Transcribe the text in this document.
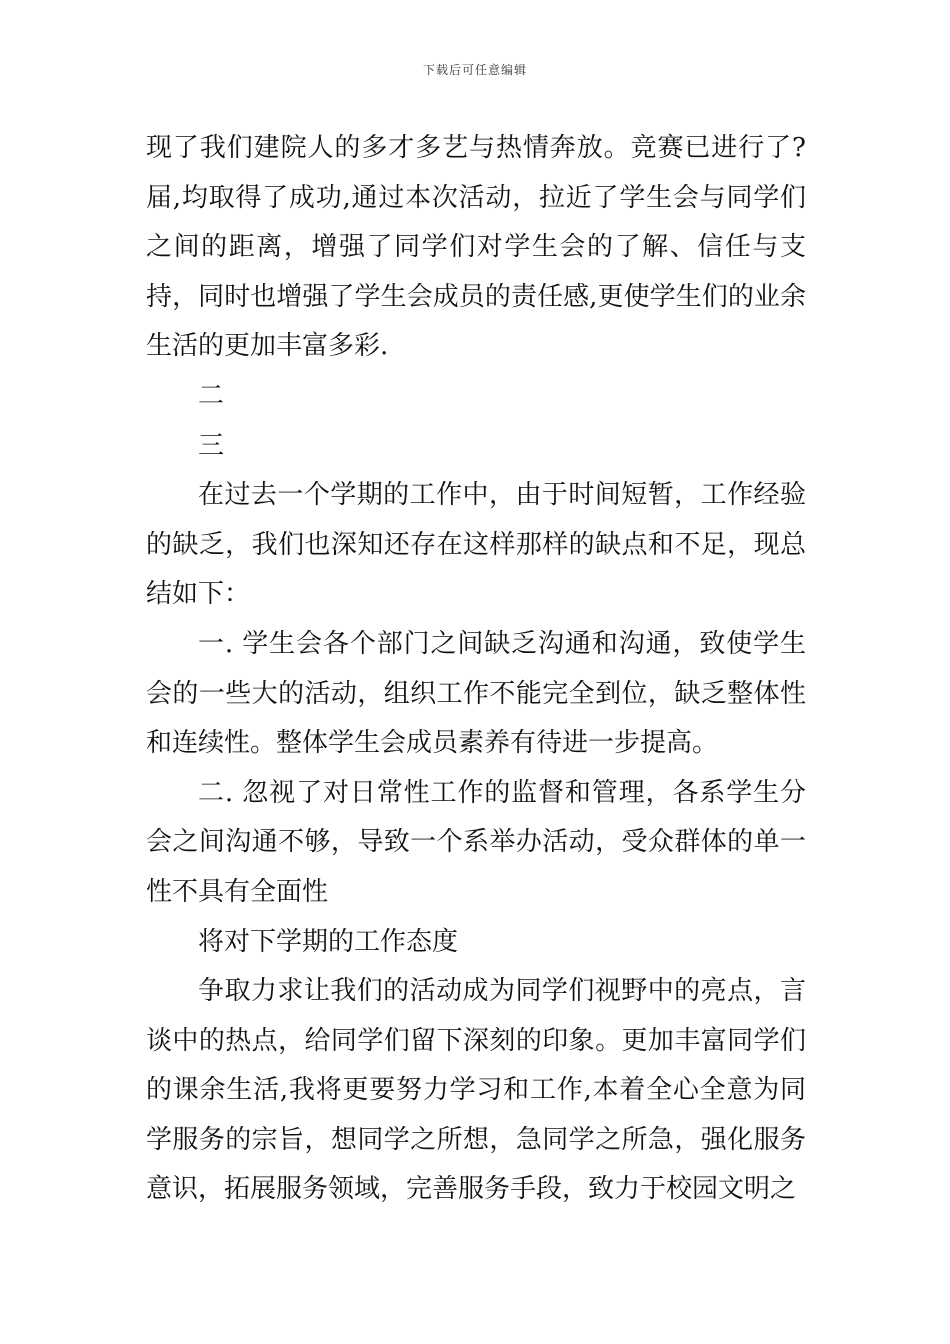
下载后可任意编辑

现了我们建院人的多才多艺与热情奔放。竞赛已进行了?届,均取得了成功,通过本次活动，拉近了学生会与同学们之间的距离，增强了同学们对学生会的了解、信任与支持，同时也增强了学生会成员的责任感,更使学生们的业余生活的更加丰富多彩.

二

三

在过去一个学期的工作中，由于时间短暂，工作经验的缺乏，我们也深知还存在这样那样的缺点和不足，现总结如下：

一. 学生会各个部门之间缺乏沟通和沟通，致使学生会的一些大的活动，组织工作不能完全到位，缺乏整体性和连续性。整体学生会成员素养有待进一步提高。

二. 忽视了对日常性工作的监督和管理，各系学生分会之间沟通不够，导致一个系举办活动，受众群体的单一性不具有全面性

将对下学期的工作态度

争取力求让我们的活动成为同学们视野中的亮点，言谈中的热点，给同学们留下深刻的印象。更加丰富同学们的课余生活,我将更要努力学习和工作,本着全心全意为同学服务的宗旨，想同学之所想，急同学之所急，强化服务意识，拓展服务领域，完善服务手段，致力于校园文明之
